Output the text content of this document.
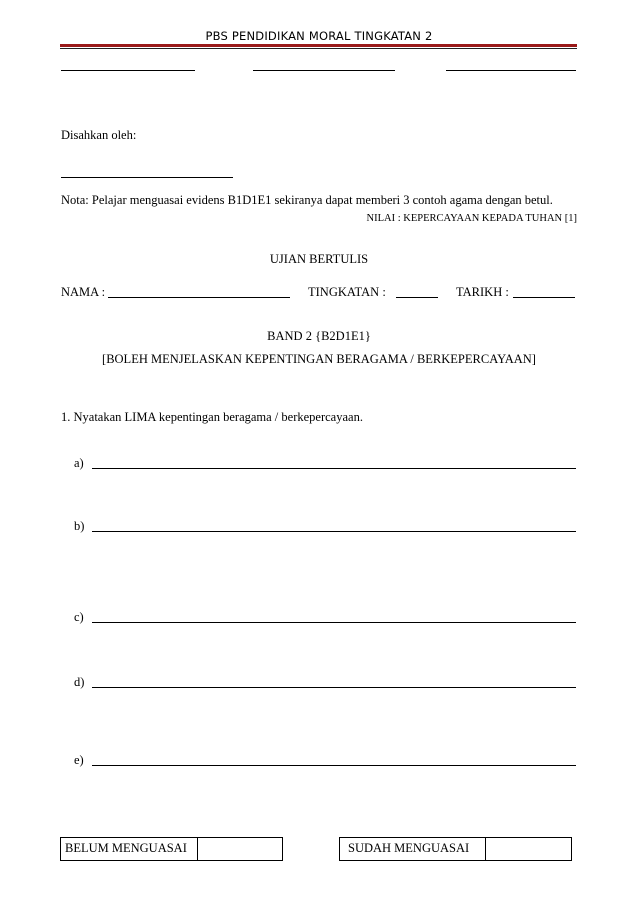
PBS PENDIDIKAN MORAL TINGKATAN 2
Disahkan oleh:
Nota: Pelajar menguasai evidens B1D1E1 sekiranya dapat memberi 3 contoh agama dengan betul.
NILAI : KEPERCAYAAN KEPADA TUHAN [1]
UJIAN BERTULIS
NAMA :	TINGKATAN :	TARIKH :
BAND 2 {B2D1E1}
[BOLEH MENJELASKAN KEPENTINGAN BERAGAMA / BERKEPERCAYAAN]
1. Nyatakan LIMA kepentingan beragama / berkepercayaan.
a)
b)
c)
d)
e)
BELUM MENGUASAI	SUDAH MENGUASAI
